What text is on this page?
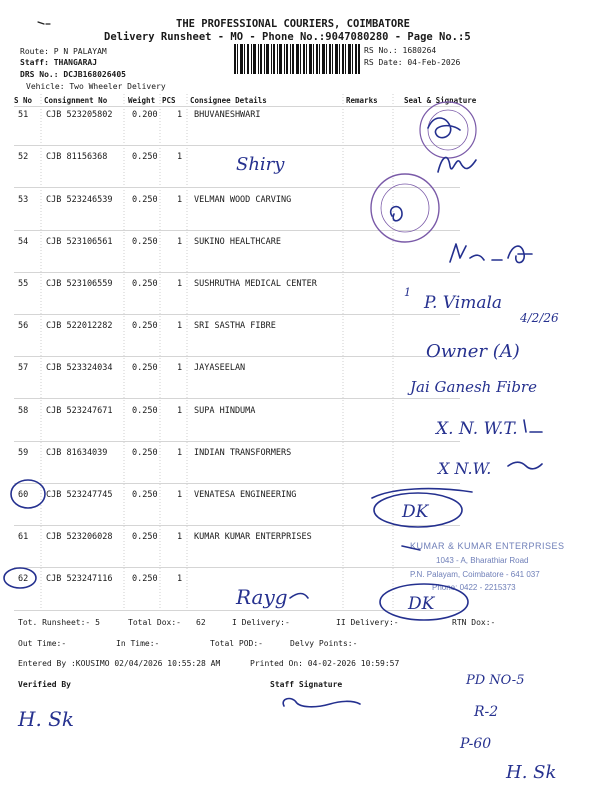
THE PROFESSIONAL COURIERS, COIMBATORE
Delivery Runsheet - MO - Phone No.:9047080280 - Page No.:5
Route: P N PALAYAM
Staff: THANGARAJ
DRS No.: DCJB168026405
Vehicle: Two Wheeler Delivery
RS No.: 1680264
RS Date: 04-Feb-2026
S No Consignment No	Weight PCS Consignee Details	Remarks	Seal & Signature
51 CJB 523205802 0.200 1 BHUVANESHWARI
52 CJB 81156368	0.250 1
53 CJB 523246539 0.250 1 VELMAN WOOD CARVING
54 CJB 523106561 0.250 1 SUKINO HEALTHCARE
55 CJB 523106559 0.250 1 SUSHRUTHA MEDICAL CENTER
56 CJB 522012282 0.250 1 SRI SASTHA FIBRE
57 CJB 523324034 0.250 1 JAYASEELAN
58 CJB 523247671 0.250 1 SUPA HINDUMA
59 CJB 81634039	0.250 1 INDIAN TRANSFORMERS
60 CJB 523247745 0.250 1 VENATESA ENGINEERING
61 CJB 523206028 0.250 1 KUMAR KUMAR ENTERPRISES
62 CJB 523247116 0.250 1
Tot. Runsheet:- 5	Total Dox:- 62	I Delivery:-	II Delivery:-	RTN Dox:-
Out Time:-	In Time:-	Total POD:-	Delvy Points:-
Entered By :KOUSIMO 02/04/2026 10:55:28 AM	Printed On: 04-02-2026 10:59:57
Verified By	Staff Signature
KUMAR & KUMAR ENTERPRISES
1043 - A, Bharathiar Road
P.N. Palayam, Coimbatore - 641 037
Phone: 0422 - 2215373
Shiry
1
P. Vimala
4/2/26
Owner (A)
Jai Ganesh Fibre
X. N. W.T.
X N.W.
DK
Rayg	DK
H. Sk
PD NO-5
R-2
P-60
H. Sk
